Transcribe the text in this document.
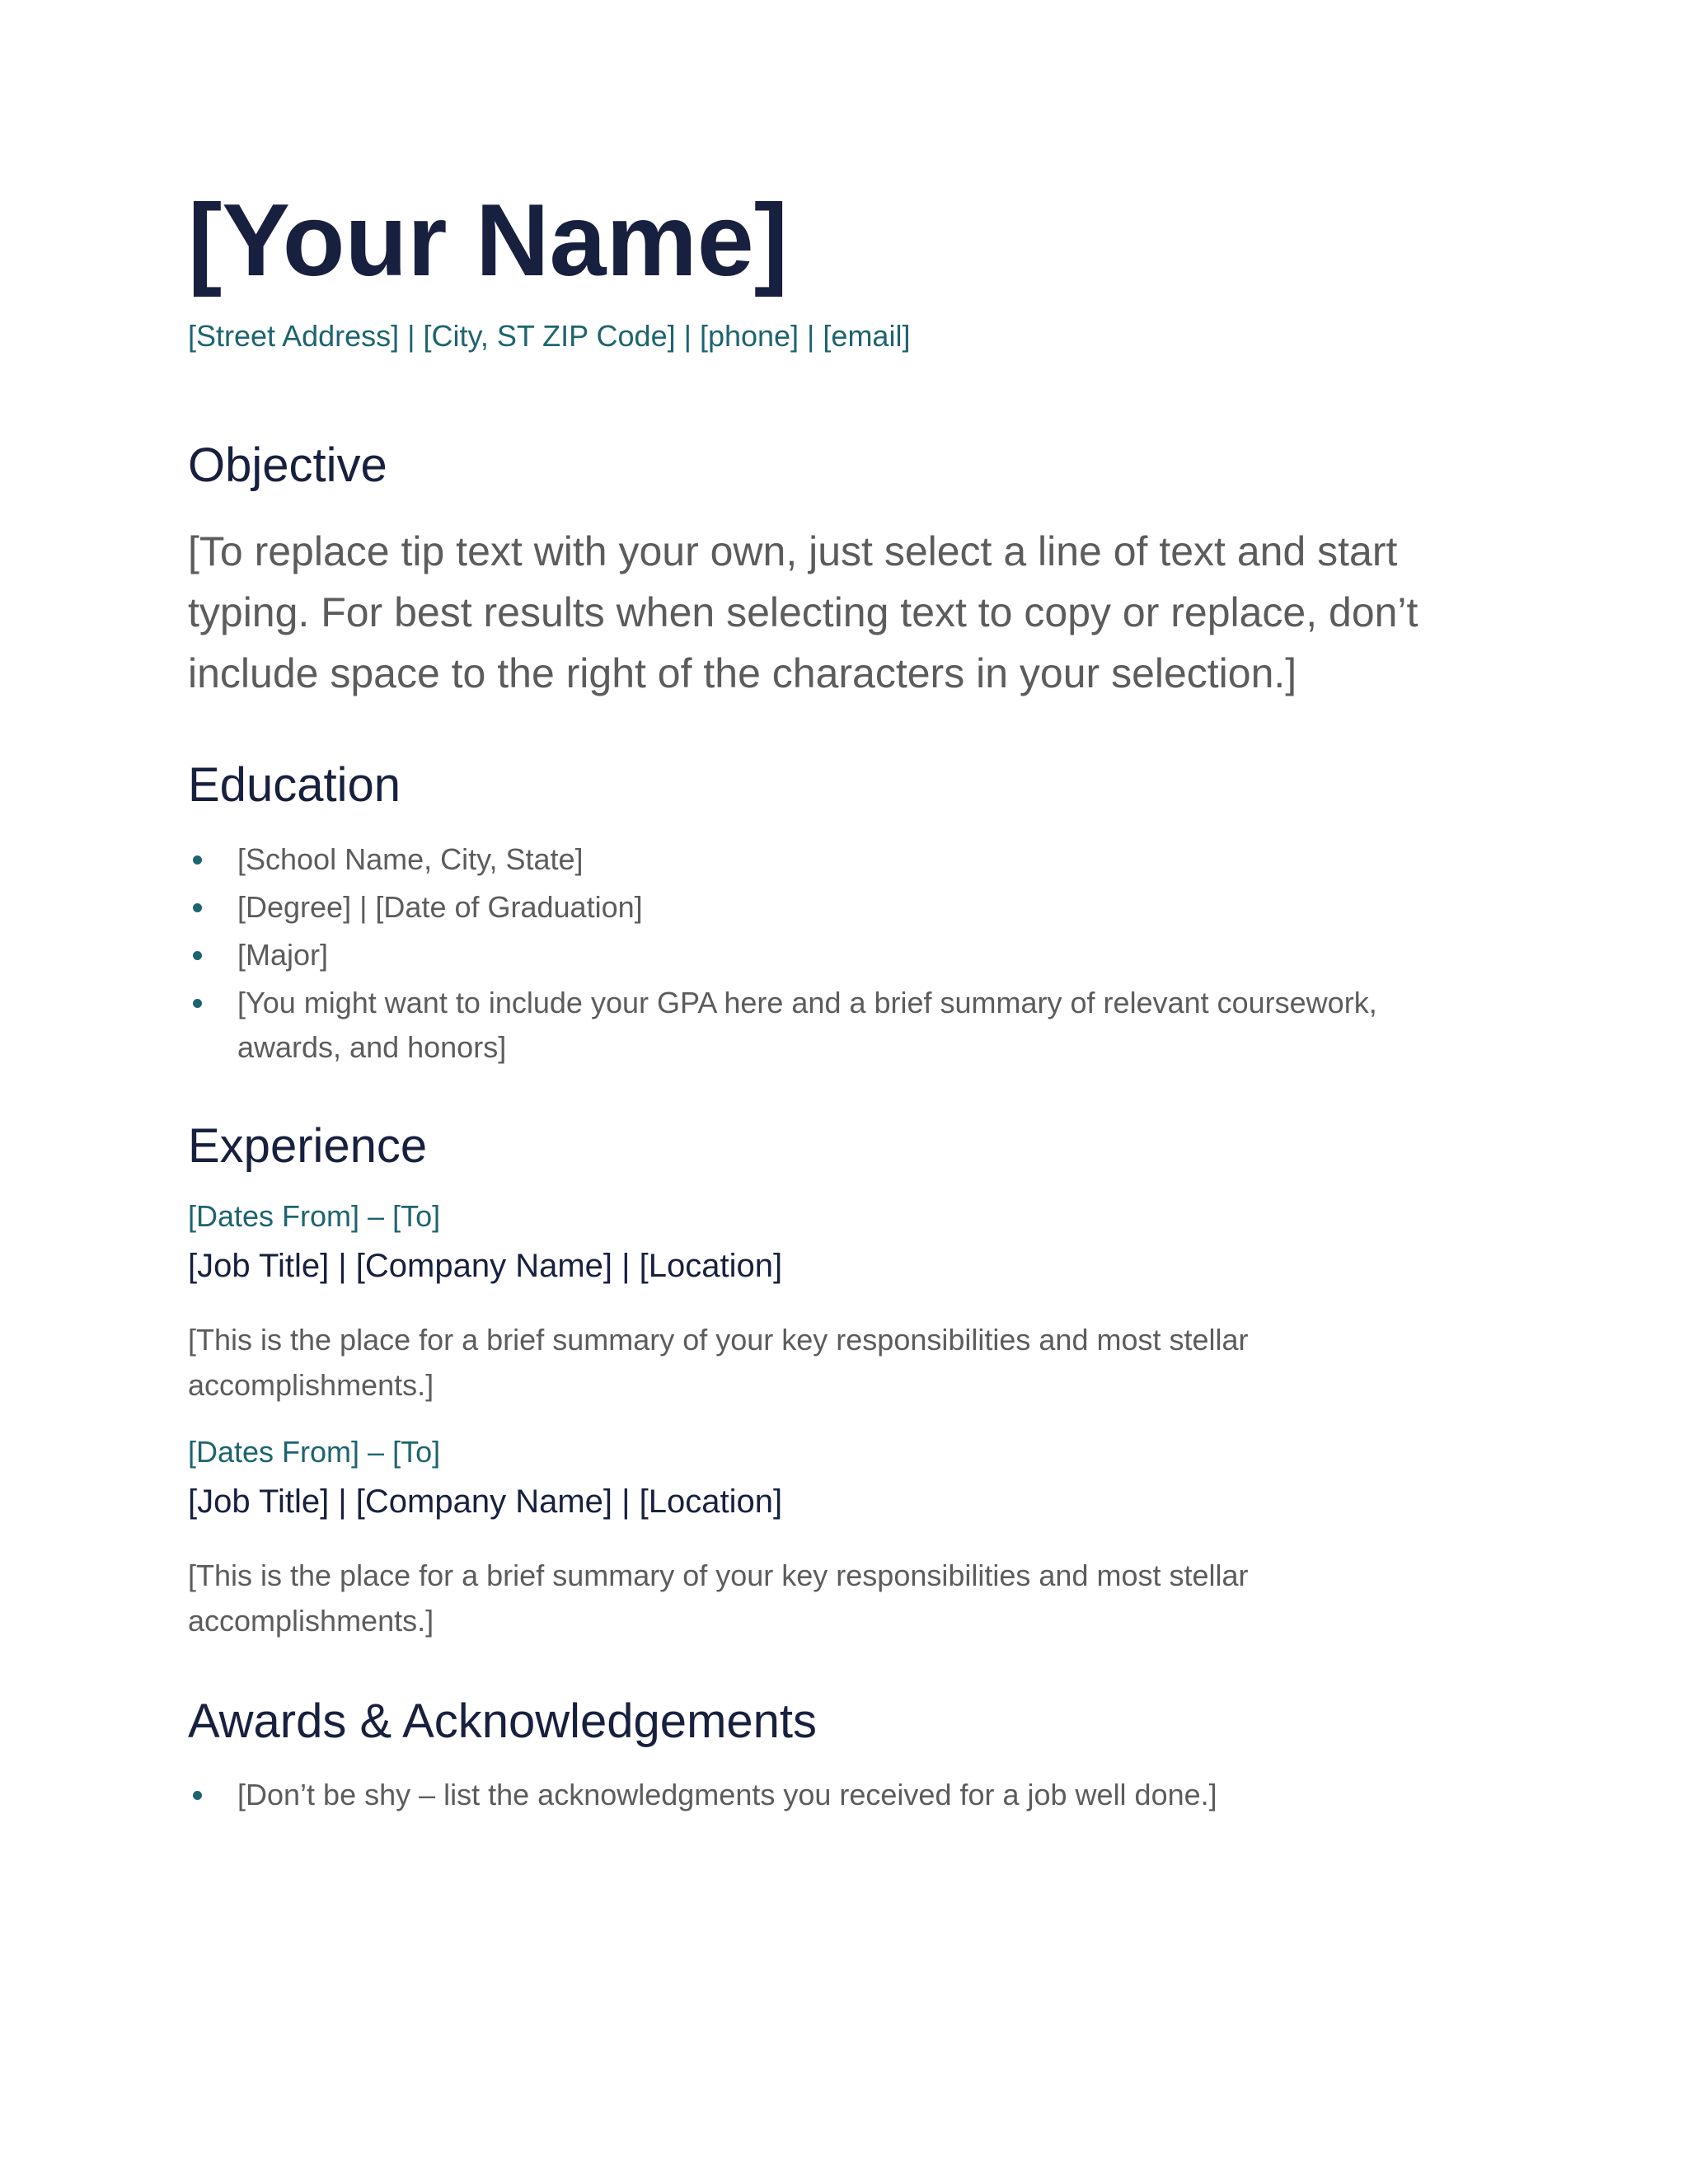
[Your Name]
[Street Address] | [City, ST ZIP Code] | [phone] | [email]
Objective
[To replace tip text with your own, just select a line of text and start typing. For best results when selecting text to copy or replace, don’t include space to the right of the characters in your selection.]
Education
[School Name, City, State]
[Degree] | [Date of Graduation]
[Major]
[You might want to include your GPA here and a brief summary of relevant coursework, awards, and honors]
Experience
[Dates From] – [To]
[Job Title] | [Company Name] | [Location]
[This is the place for a brief summary of your key responsibilities and most stellar accomplishments.]
[Dates From] – [To]
[Job Title] | [Company Name] | [Location]
[This is the place for a brief summary of your key responsibilities and most stellar accomplishments.]
Awards & Acknowledgements
[Don’t be shy – list the acknowledgments you received for a job well done.]
